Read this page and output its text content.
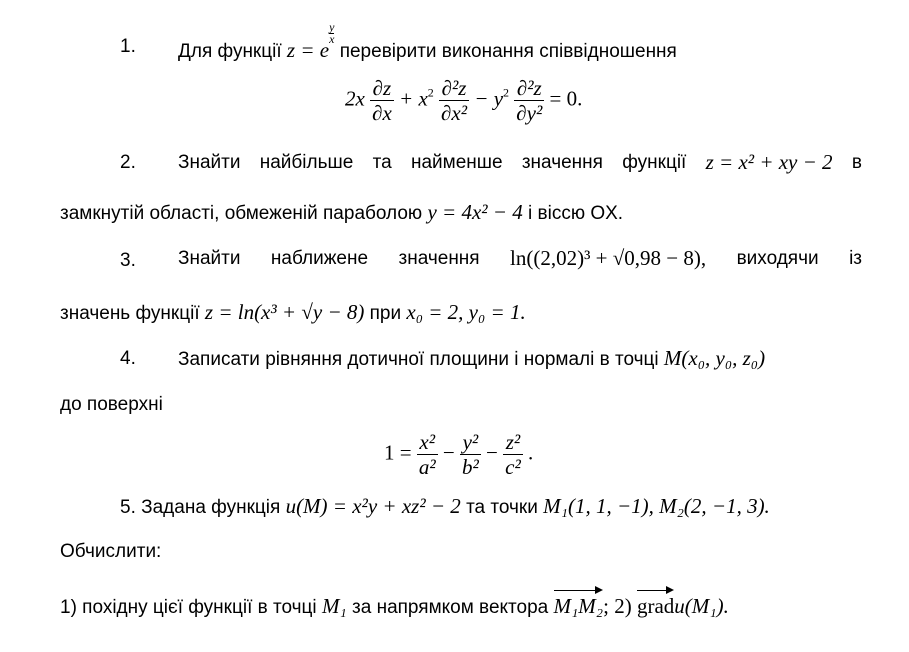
1. Для функції z = e
$\frac{y}{x}$
перевірити виконання співвідношення
$2x \frac{\partial z}{\partial x} + x^2 \frac{\text{∂²z}}{\text{∂x²}} - y^2 \frac{\text{∂²z}}{\text{∂y²}} = 0$.
2. Знайти найбільше та найменше значення функції z = x² + xy − 2 в
замкнутій області, обмеженій параболою y = 4x² − 4 і віссю OX.
3. Знайти наближене значення ln((2,02)³ + √0,98 − 8), виходячи із
значень функції z = ln(x³ + √y − 8) при x₀ = 2, y₀ = 1.
4. Записати рівняння дотичної площини і нормалі в точці M(x₀, y₀, z₀)
до поверхні
$1 = \frac{\text{x²}}{\text{a²}} - \frac{\text{y²}}{\text{b²}} - \frac{\text{z²}}{\text{c²}}$ .
5. Задана функція u(M) = x²y + xz² − 2 та точки M₁(1, 1, −1), M₂(2, −1, 3).
Обчислити:
1) похідну цієї функції в точці M₁ за напрямком вектора M₁M₂; 2) gradu(M₁).
